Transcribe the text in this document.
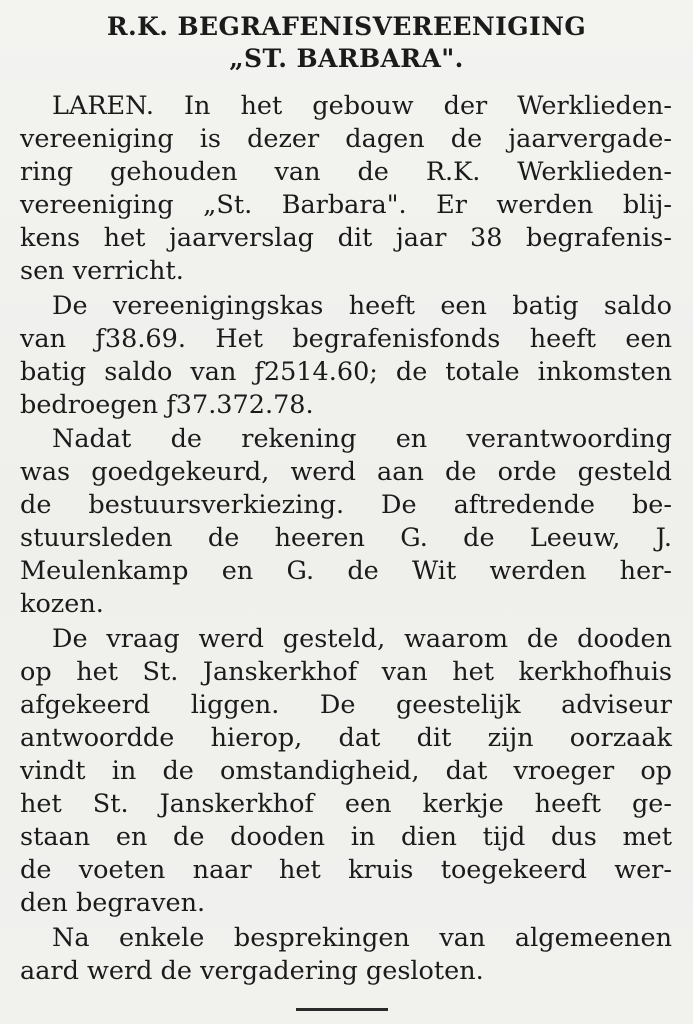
R.K. BEGRAFENISVEREENIGING
„ST. BARBARA".
LAREN. In het gebouw der Werklieden-
vereeniging is dezer dagen de jaarvergade-
ring gehouden van de R.K. Werklieden-
vereeniging „St. Barbara". Er werden blij-
kens het jaarverslag dit jaar 38 begrafenis-
sen verricht.
De vereenigingskas heeft een batig saldo
van ƒ38.69. Het begrafenisfonds heeft een
batig saldo van ƒ2514.60; de totale inkomsten
bedroegen ƒ37.372.78.
Nadat de rekening en verantwoording
was goedgekeurd, werd aan de orde gesteld
de bestuursverkiezing. De aftredende be-
stuursleden de heeren G. de Leeuw, J.
Meulenkamp en G. de Wit werden her-
kozen.
De vraag werd gesteld, waarom de dooden
op het St. Janskerkhof van het kerkhofhuis
afgekeerd liggen. De geestelijk adviseur
antwoordde hierop, dat dit zijn oorzaak
vindt in de omstandigheid, dat vroeger op
het St. Janskerkhof een kerkje heeft ge-
staan en de dooden in dien tijd dus met
de voeten naar het kruis toegekeerd wer-
den begraven.
Na enkele besprekingen van algemeenen
aard werd de vergadering gesloten.
